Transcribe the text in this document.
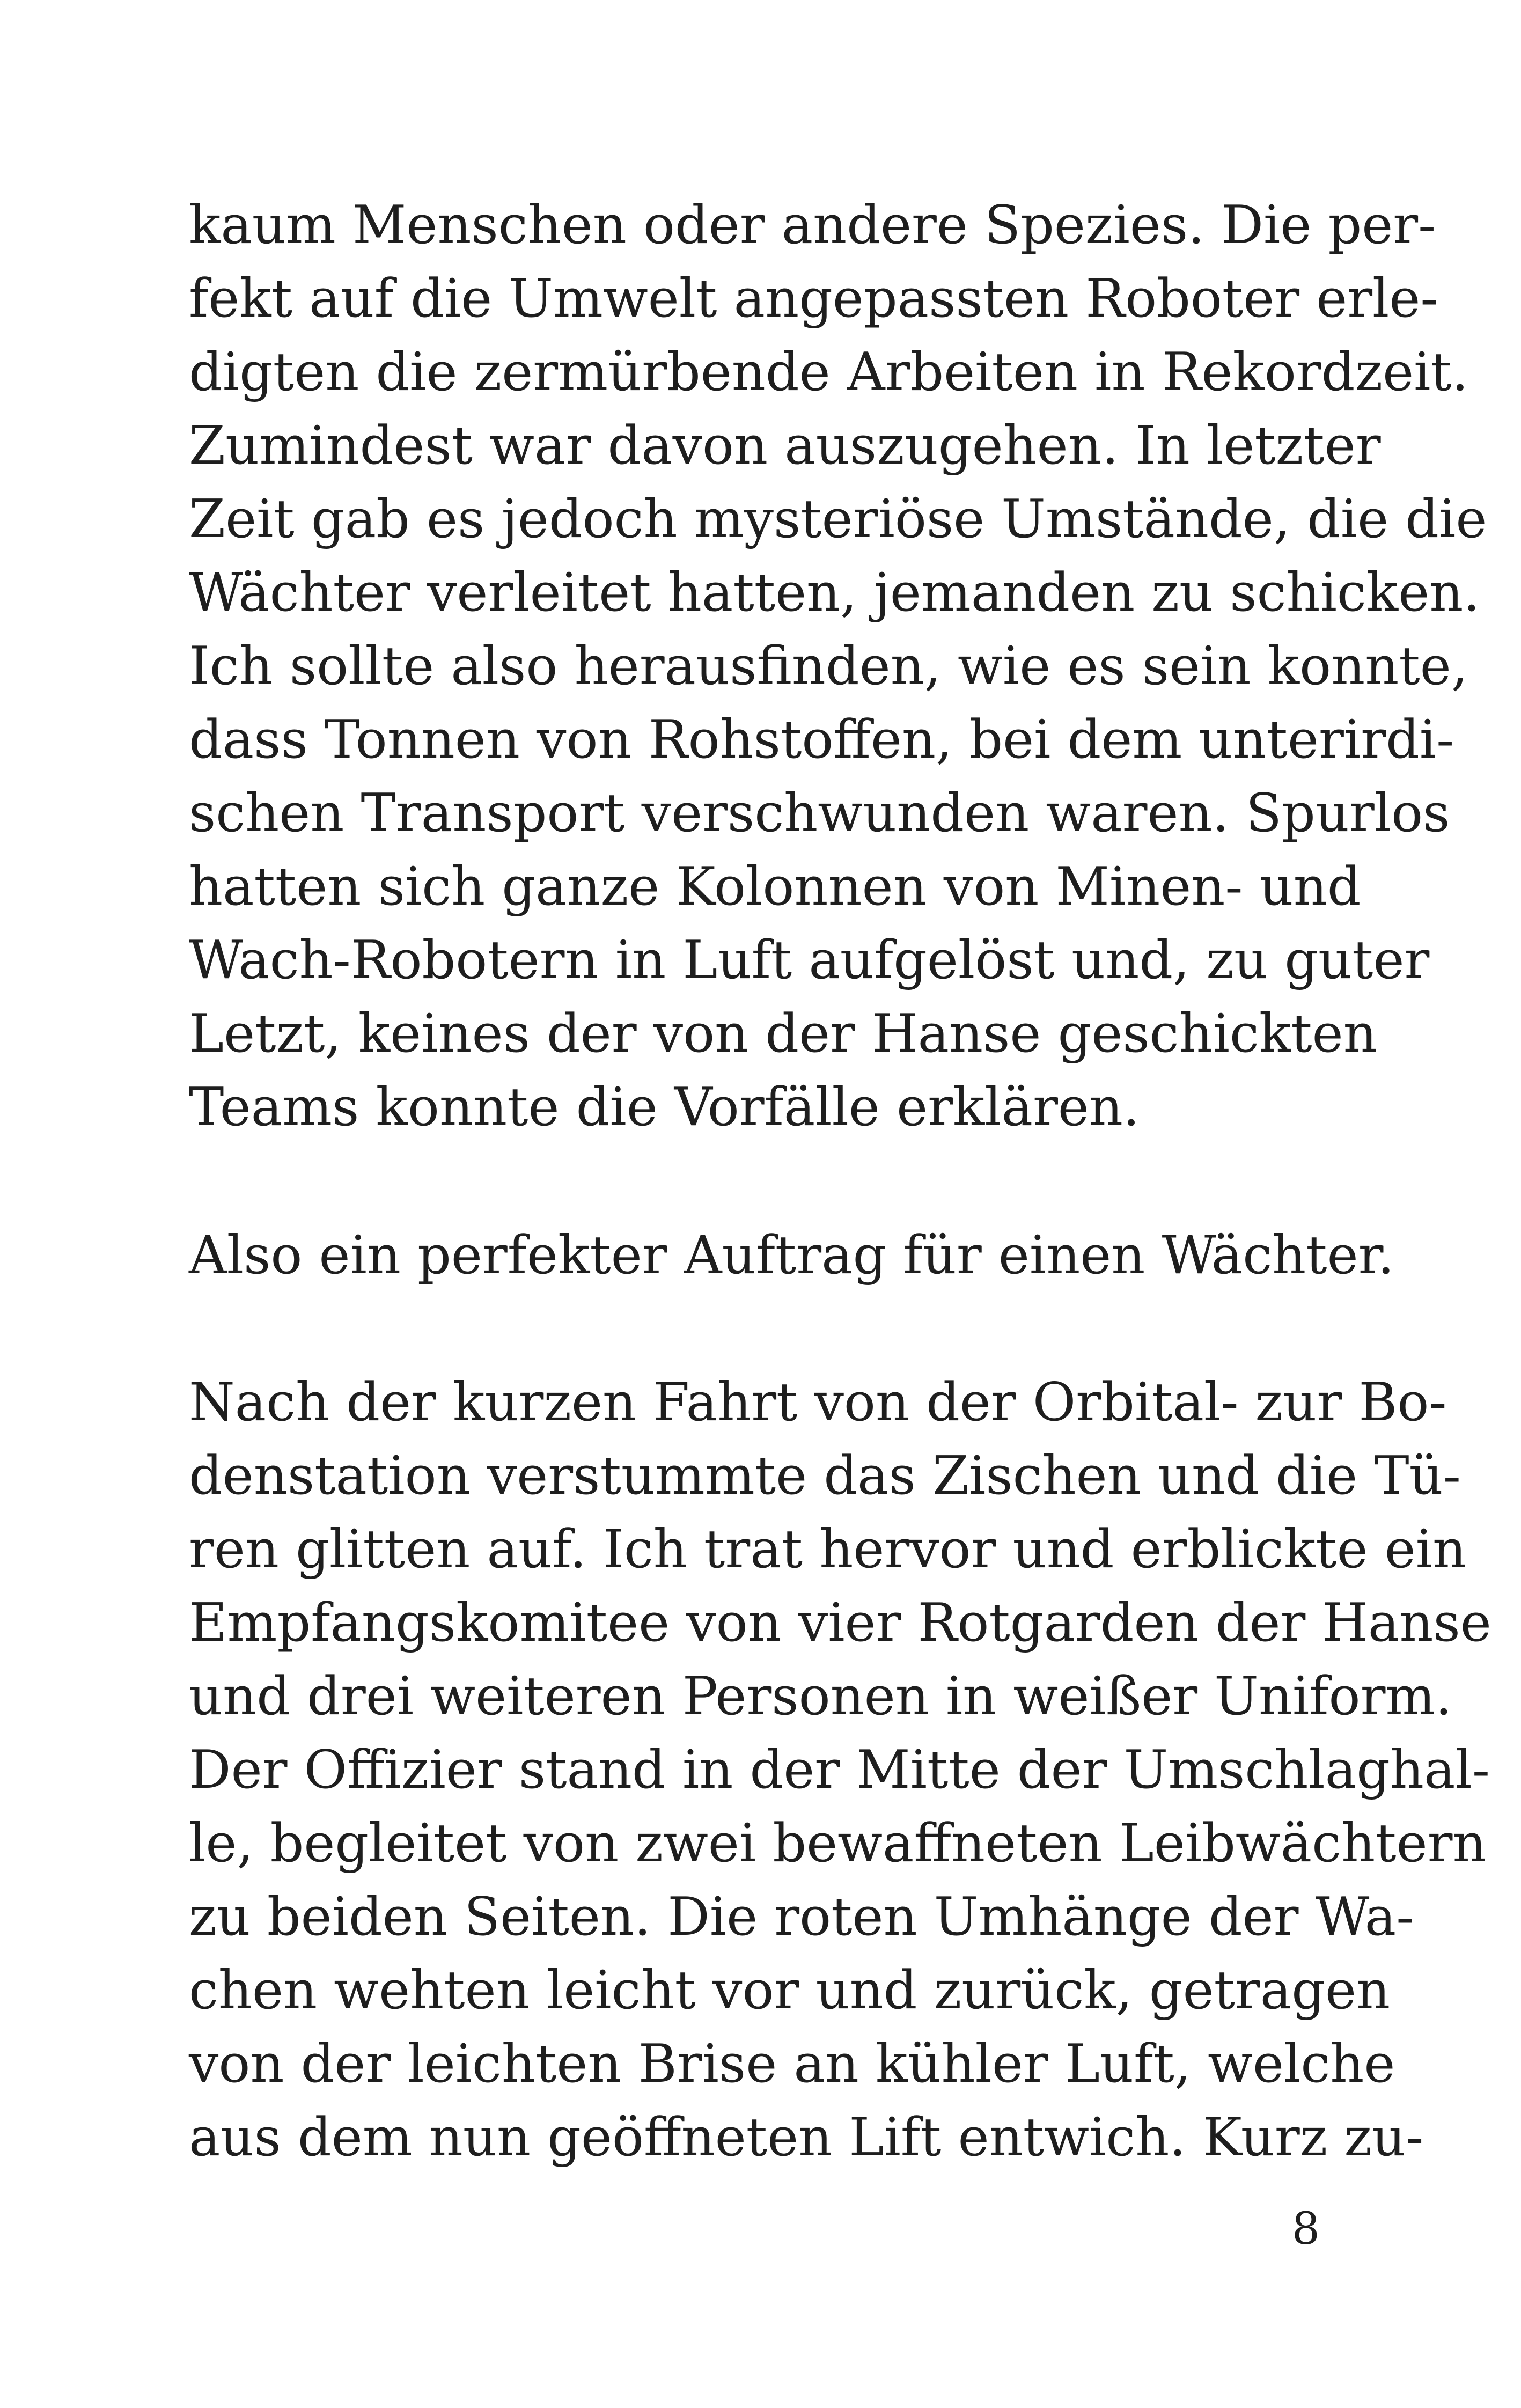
kaum Menschen oder andere Spezies. Die per-
fekt auf die Umwelt angepassten Roboter erle-
digten die zermürbende Arbeiten in Rekordzeit.
Zumindest war davon auszugehen. In letzter
Zeit gab es jedoch mysteriöse Umstände, die die
Wächter verleitet hatten, jemanden zu schicken.
Ich sollte also herausfinden, wie es sein konnte,
dass Tonnen von Rohstoffen, bei dem unterirdi-
schen Transport verschwunden waren. Spurlos
hatten sich ganze Kolonnen von Minen- und
Wach-Robotern in Luft aufgelöst und, zu guter
Letzt, keines der von der Hanse geschickten
Teams konnte die Vorfälle erklären.
Also ein perfekter Auftrag für einen Wächter.
Nach der kurzen Fahrt von der Orbital- zur Bo-
denstation verstummte das Zischen und die Tü-
ren glitten auf. Ich trat hervor und erblickte ein
Empfangskomitee von vier Rotgarden der Hanse
und drei weiteren Personen in weißer Uniform.
Der Offizier stand in der Mitte der Umschlaghal-
le, begleitet von zwei bewaffneten Leibwächtern
zu beiden Seiten. Die roten Umhänge der Wa-
chen wehten leicht vor und zurück, getragen
von der leichten Brise an kühler Luft, welche
aus dem nun geöffneten Lift entwich. Kurz zu-
8
